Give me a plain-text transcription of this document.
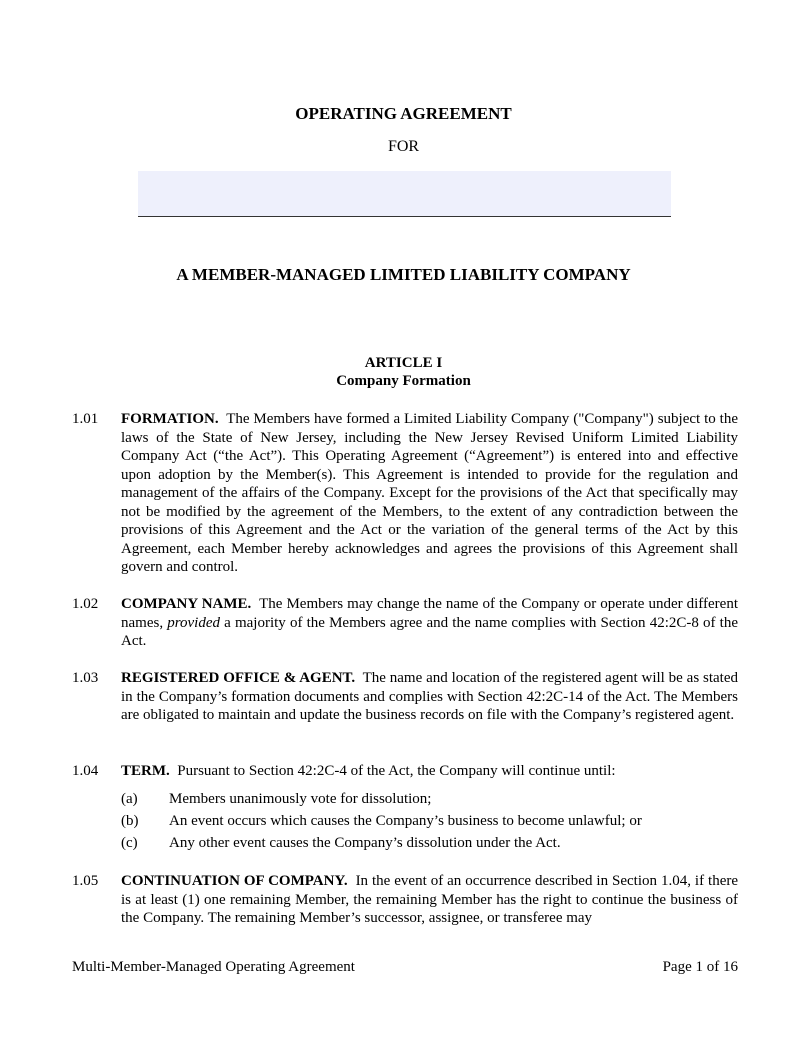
OPERATING AGREEMENT
FOR
A MEMBER-MANAGED LIMITED LIABILITY COMPANY
ARTICLE I
Company Formation
1.01	FORMATION. The Members have formed a Limited Liability Company ("Company") subject to the laws of the State of New Jersey, including the New Jersey Revised Uniform Limited Liability Company Act (“the Act”). This Operating Agreement (“Agreement”) is entered into and effective upon adoption by the Member(s). This Agreement is intended to provide for the regulation and management of the affairs of the Company. Except for the provisions of the Act that specifically may not be modified by the agreement of the Members, to the extent of any contradiction between the provisions of this Agreement and the Act or the variation of the general terms of the Act by this Agreement, each Member hereby acknowledges and agrees the provisions of this Agreement shall govern and control.
1.02	COMPANY NAME. The Members may change the name of the Company or operate under different names, provided a majority of the Members agree and the name complies with Section 42:2C-8 of the Act.
1.03	REGISTERED OFFICE & AGENT. The name and location of the registered agent will be as stated in the Company’s formation documents and complies with Section 42:2C-14 of the Act. The Members are obligated to maintain and update the business records on file with the Company’s registered agent.
1.04	TERM. Pursuant to Section 42:2C-4 of the Act, the Company will continue until:
(a) Members unanimously vote for dissolution;
(b) An event occurs which causes the Company’s business to become unlawful; or
(c) Any other event causes the Company’s dissolution under the Act.
1.05	CONTINUATION OF COMPANY. In the event of an occurrence described in Section 1.04, if there is at least (1) one remaining Member, the remaining Member has the right to continue the business of the Company. The remaining Member’s successor, assignee, or transferee may
Multi-Member-Managed Operating Agreement	Page 1 of 16
